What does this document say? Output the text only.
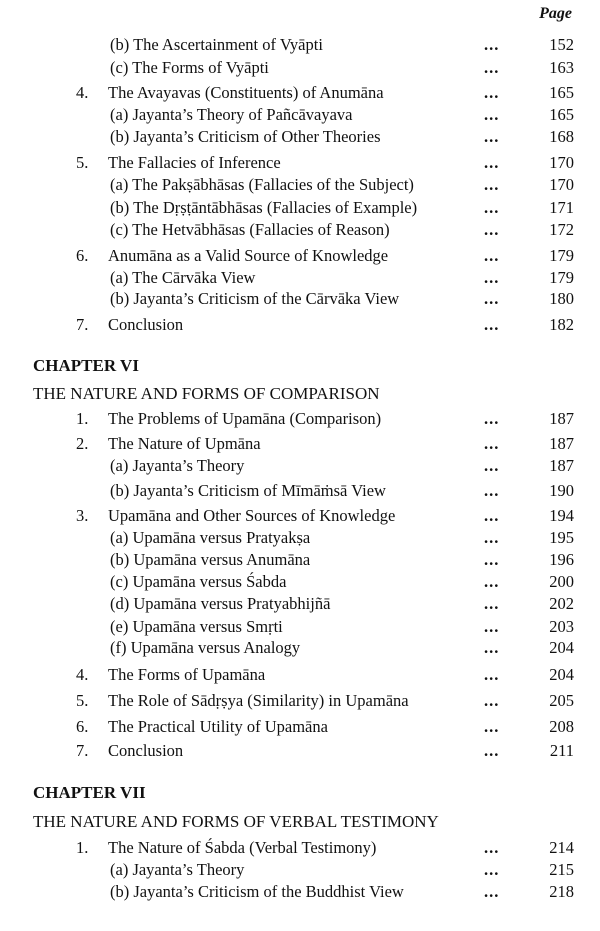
Page
(b) The Ascertainment of Vyāpti	...	152
(c) The Forms of Vyāpti	...	163
4.	The Avayavas (Constituents) of Anumāna	...	165
(a) Jayanta’s Theory of Pañcāvayava	...	165
(b) Jayanta’s Criticism of Other Theories	...	168
5.	The Fallacies of Inference	...	170
(a) The Pakṣābhāsas (Fallacies of the Subject)	...	170
(b) The Dṛṣṭāntābhāsas (Fallacies of Example)	...	171
(c) The Hetvābhāsas (Fallacies of Reason)	...	172
6.	Anumāna as a Valid Source of Knowledge	...	179
(a) The Cārvāka View	...	179
(b) Jayanta’s Criticism of the Cārvāka View	...	180
7.	Conclusion	...	182
CHAPTER VI
THE NATURE AND FORMS OF COMPARISON
1.	The Problems of Upamāna (Comparison)	...	187
2.	The Nature of Upmāna	...	187
(a) Jayanta’s Theory	...	187
(b) Jayanta’s Criticism of Mīmāṁsā View	...	190
3.	Upamāna and Other Sources of Knowledge	...	194
(a) Upamāna versus Pratyakṣa	...	195
(b) Upamāna versus Anumāna	...	196
(c) Upamāna versus Śabda	...	200
(d) Upamāna versus Pratyabhijñā	...	202
(e) Upamāna versus Smṛti	...	203
(f) Upamāna versus Analogy	...	204
4.	The Forms of Upamāna	...	204
5.	The Role of Sādṛṣya (Similarity) in Upamāna	...	205
6.	The Practical Utility of Upamāna	...	208
7.	Conclusion	...	211
CHAPTER VII
THE NATURE AND FORMS OF VERBAL TESTIMONY
1.	The Nature of Śabda (Verbal Testimony)	...	214
(a) Jayanta’s Theory	...	215
(b) Jayanta’s Criticism of the Buddhist View	...	218
